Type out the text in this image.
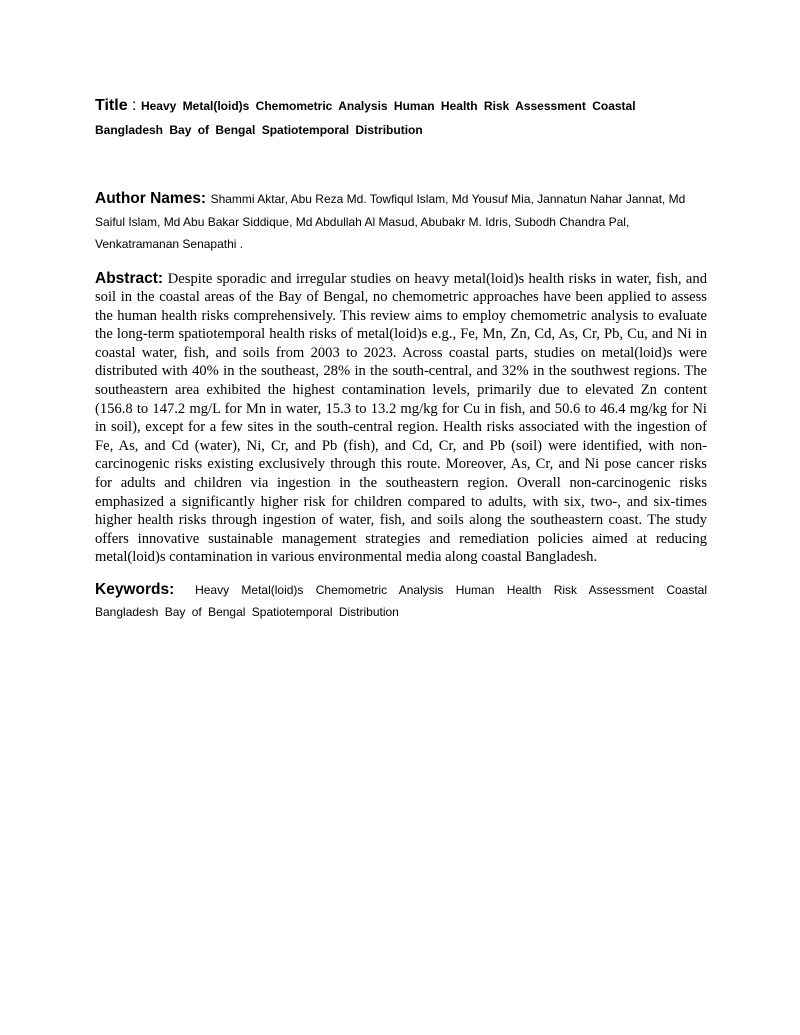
Title : Heavy Metal(loid)s Chemometric Analysis Human Health Risk Assessment Coastal Bangladesh Bay of Bengal Spatiotemporal Distribution
Author Names: Shammi Aktar, Abu Reza Md. Towfiqul Islam, Md Yousuf Mia, Jannatun Nahar Jannat, Md Saiful Islam, Md Abu Bakar Siddique, Md Abdullah Al Masud, Abubakr M. Idris, Subodh Chandra Pal, Venkatramanan Senapathi .
Abstract: Despite sporadic and irregular studies on heavy metal(loid)s health risks in water, fish, and soil in the coastal areas of the Bay of Bengal, no chemometric approaches have been applied to assess the human health risks comprehensively. This review aims to employ chemometric analysis to evaluate the long-term spatiotemporal health risks of metal(loid)s e.g., Fe, Mn, Zn, Cd, As, Cr, Pb, Cu, and Ni in coastal water, fish, and soils from 2003 to 2023. Across coastal parts, studies on metal(loid)s were distributed with 40% in the southeast, 28% in the south-central, and 32% in the southwest regions. The southeastern area exhibited the highest contamination levels, primarily due to elevated Zn content (156.8 to 147.2 mg/L for Mn in water, 15.3 to 13.2 mg/kg for Cu in fish, and 50.6 to 46.4 mg/kg for Ni in soil), except for a few sites in the south-central region. Health risks associated with the ingestion of Fe, As, and Cd (water), Ni, Cr, and Pb (fish), and Cd, Cr, and Pb (soil) were identified, with non-carcinogenic risks existing exclusively through this route. Moreover, As, Cr, and Ni pose cancer risks for adults and children via ingestion in the southeastern region. Overall non-carcinogenic risks emphasized a significantly higher risk for children compared to adults, with six, two-, and six-times higher health risks through ingestion of water, fish, and soils along the southeastern coast. The study offers innovative sustainable management strategies and remediation policies aimed at reducing metal(loid)s contamination in various environmental media along coastal Bangladesh.
Keywords: Heavy Metal(loid)s Chemometric Analysis Human Health Risk Assessment Coastal Bangladesh Bay of Bengal Spatiotemporal Distribution
